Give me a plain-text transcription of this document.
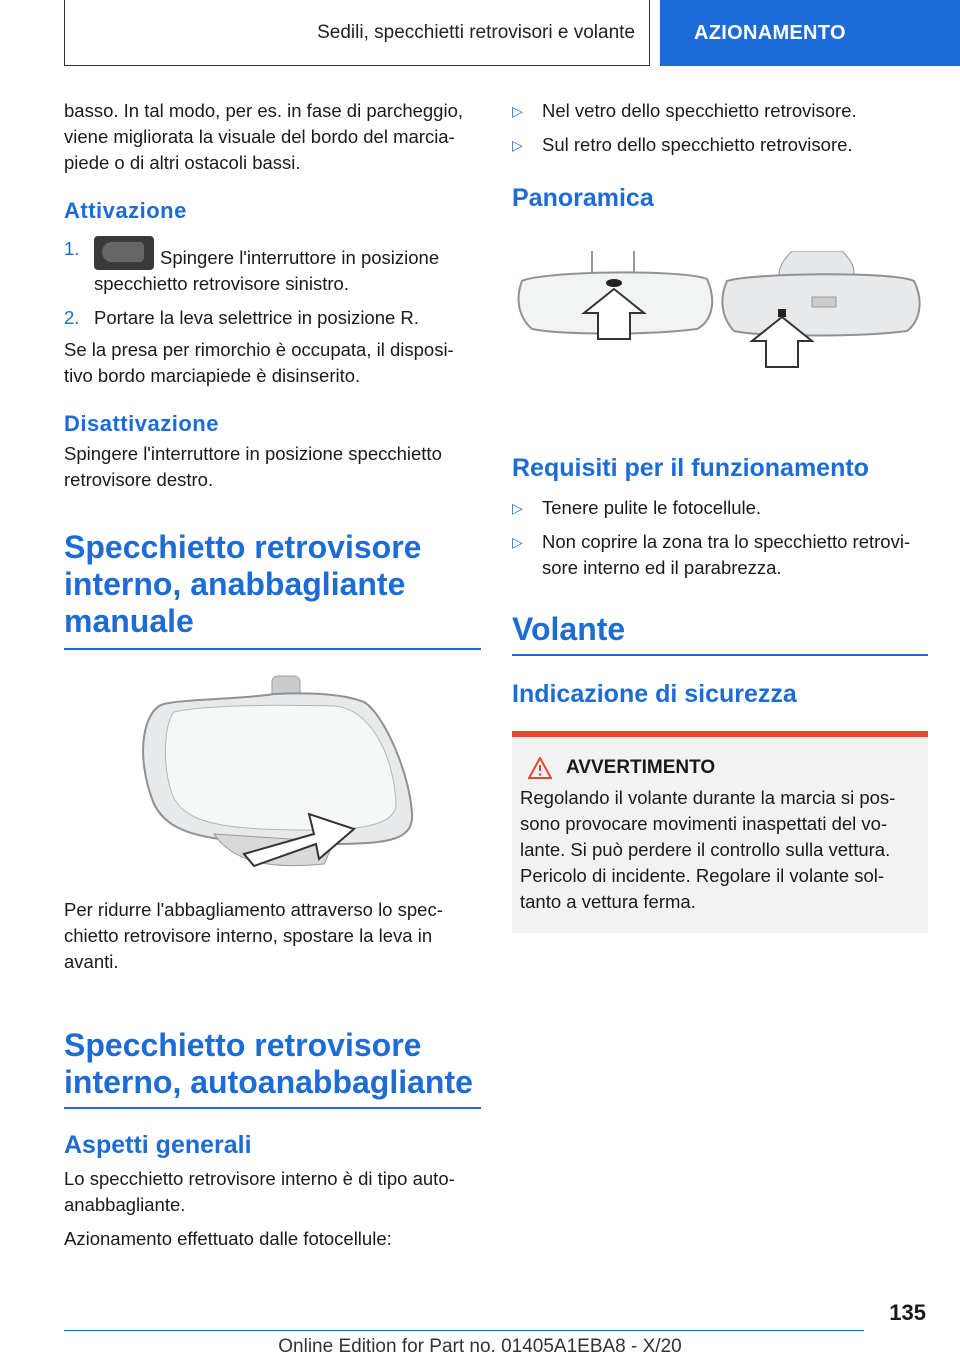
Sedili, specchietti retrovisori e volante	AZIONAMENTO

basso. In tal modo, per es. in fase di parcheggio, viene migliorata la visuale del bordo del marcia-piede o di altri ostacoli bassi.

Attivazione
1.	Spingere l'interruttore in posizione specchietto retrovisore sinistro.
2. Portare la leva selettrice in posizione R.

Se la presa per rimorchio è occupata, il disposi-tivo bordo marciapiede è disinserito.

Disattivazione

Spingere l'interruttore in posizione specchietto retrovisore destro.

Specchietto retrovisore interno, anabbagliante manuale

Per ridurre l'abbagliamento attraverso lo spec-chietto retrovisore interno, spostare la leva in avanti.

Specchietto retrovisore interno, autoanabbagliante
Aspetti generali

Lo specchietto retrovisore interno è di tipo auto-anabbagliante.

Azionamento effettuato dalle fotocellule:

▷ Nel vetro dello specchietto retrovisore.
▷ Sul retro dello specchietto retrovisore.
Panoramica
Requisiti per il funzionamento
▷ Tenere pulite le fotocellule.
▷ Non coprire la zona tra lo specchietto retrovi-sore interno ed il parabrezza.
Volante
Indicazione di sicurezza
AVVERTIMENTO

Regolando il volante durante la marcia si pos-sono provocare movimenti inaspettati del vo-lante. Si può perdere il controllo sulla vettura. Pericolo di incidente. Regolare il volante sol-tanto a vettura ferma.

135
Online Edition for Part no. 01405A1EBA8 - X/20
